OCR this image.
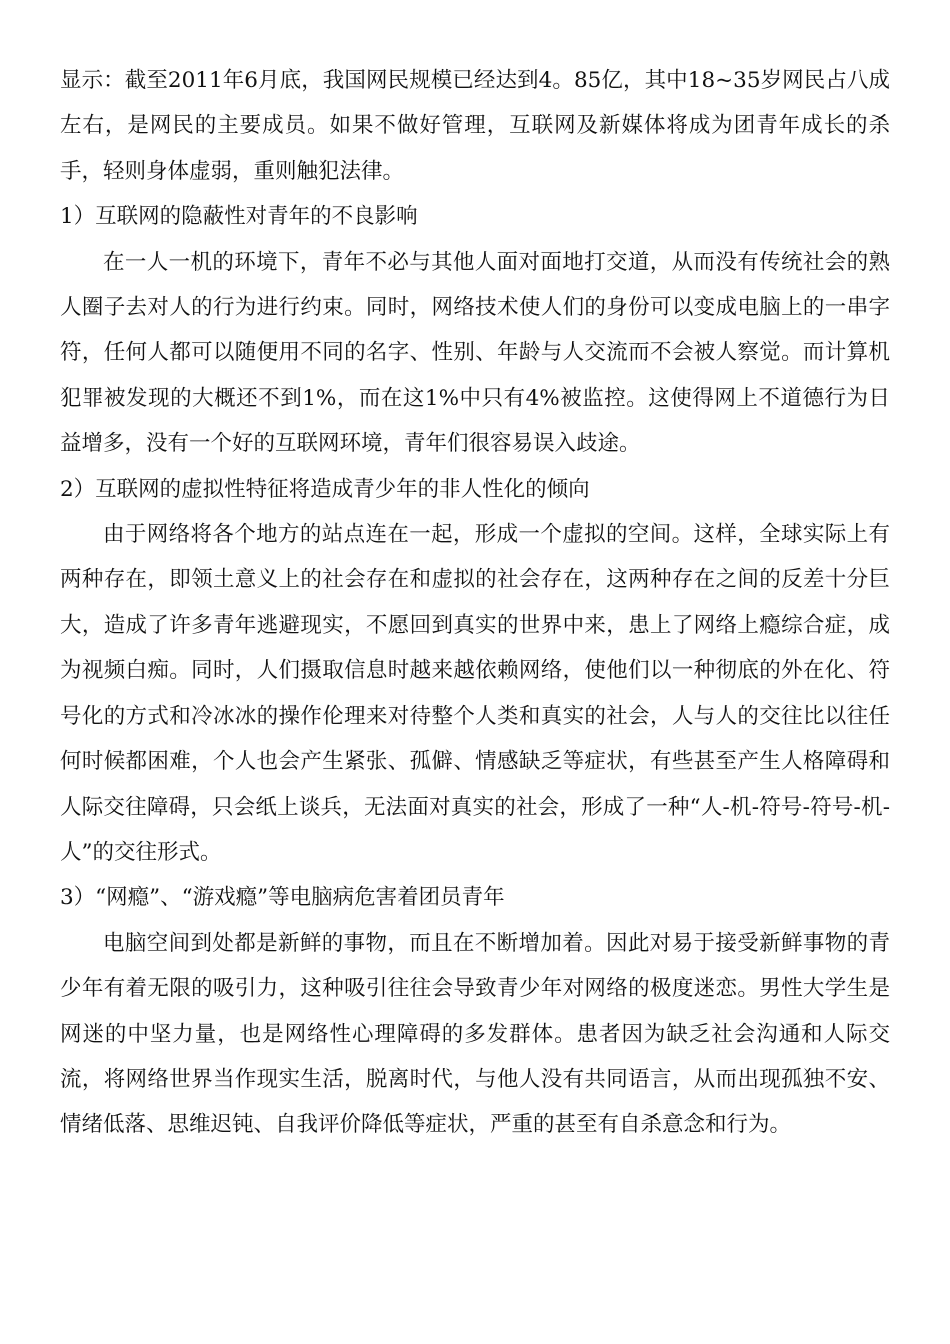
显示：截至2011年6月底，我国网民规模已经达到4。85亿，其中18~35岁网民占八成左右，是网民的主要成员。如果不做好管理，互联网及新媒体将成为团青年成长的杀手，轻则身体虚弱，重则触犯法律。

1）互联网的隐蔽性对青年的不良影响

在一人一机的环境下，青年不必与其他人面对面地打交道，从而没有传统社会的熟人圈子去对人的行为进行约束。同时，网络技术使人们的身份可以变成电脑上的一串字符，任何人都可以随便用不同的名字、性别、年龄与人交流而不会被人察觉。而计算机犯罪被发现的大概还不到1%，而在这1%中只有4%被监控。这使得网上不道德行为日益增多，没有一个好的互联网环境，青年们很容易误入歧途。

2）互联网的虚拟性特征将造成青少年的非人性化的倾向

由于网络将各个地方的站点连在一起，形成一个虚拟的空间。这样，全球实际上有两种存在，即领土意义上的社会存在和虚拟的社会存在，这两种存在之间的反差十分巨大，造成了许多青年逃避现实，不愿回到真实的世界中来，患上了网络上瘾综合症，成为视频白痴。同时，人们摄取信息时越来越依赖网络，使他们以一种彻底的外在化、符号化的方式和冷冰冰的操作伦理来对待整个人类和真实的社会，人与人的交往比以往任何时候都困难，个人也会产生紧张、孤僻、情感缺乏等症状，有些甚至产生人格障碍和人际交往障碍，只会纸上谈兵，无法面对真实的社会，形成了一种“人-机-符号-符号-机-人”的交往形式。

3）“网瘾”、“游戏瘾”等电脑病危害着团员青年

电脑空间到处都是新鲜的事物，而且在不断增加着。因此对易于接受新鲜事物的青少年有着无限的吸引力，这种吸引往往会导致青少年对网络的极度迷恋。男性大学生是网迷的中坚力量，也是网络性心理障碍的多发群体。患者因为缺乏社会沟通和人际交流，将网络世界当作现实生活，脱离时代，与他人没有共同语言，从而出现孤独不安、情绪低落、思维迟钝、自我评价降低等症状，严重的甚至有自杀意念和行为。
